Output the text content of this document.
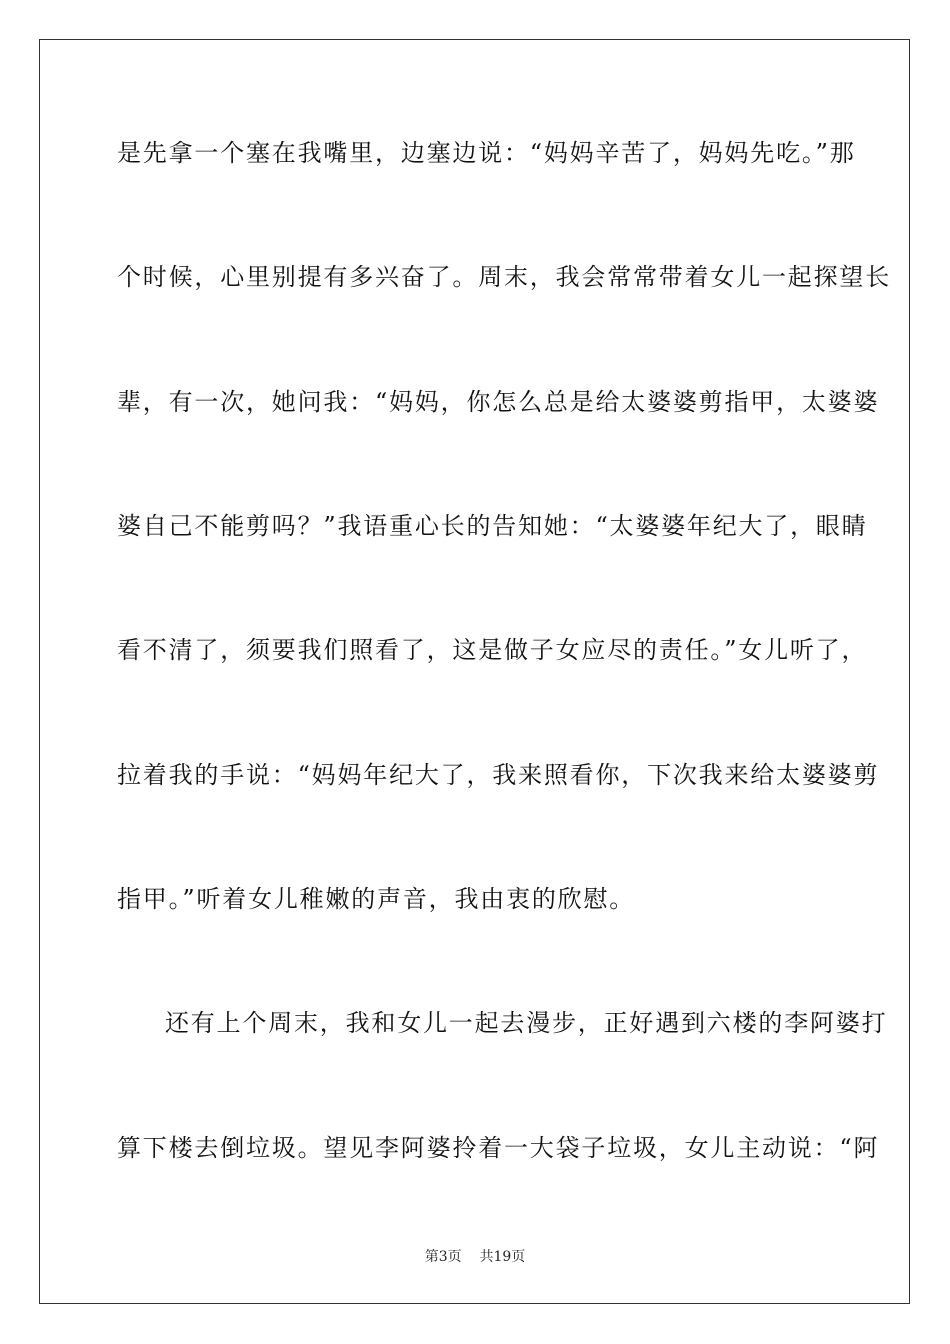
是先拿一个塞在我嘴里，边塞边说：“妈妈辛苦了，妈妈先吃。”那
个时候，心里别提有多兴奋了。周末，我会常常带着女儿一起探望长
辈，有一次，她问我：“妈妈，你怎么总是给太婆婆剪指甲，太婆婆
婆自己不能剪吗？”我语重心长的告知她：“太婆婆年纪大了，眼睛
看不清了，须要我们照看了，这是做子女应尽的责任。”女儿听了，
拉着我的手说：“妈妈年纪大了，我来照看你，下次我来给太婆婆剪
指甲。”听着女儿稚嫩的声音，我由衷的欣慰。
还有上个周末，我和女儿一起去漫步，正好遇到六楼的李阿婆打
算下楼去倒垃圾。望见李阿婆拎着一大袋子垃圾，女儿主动说：“阿
第3页 共19页
